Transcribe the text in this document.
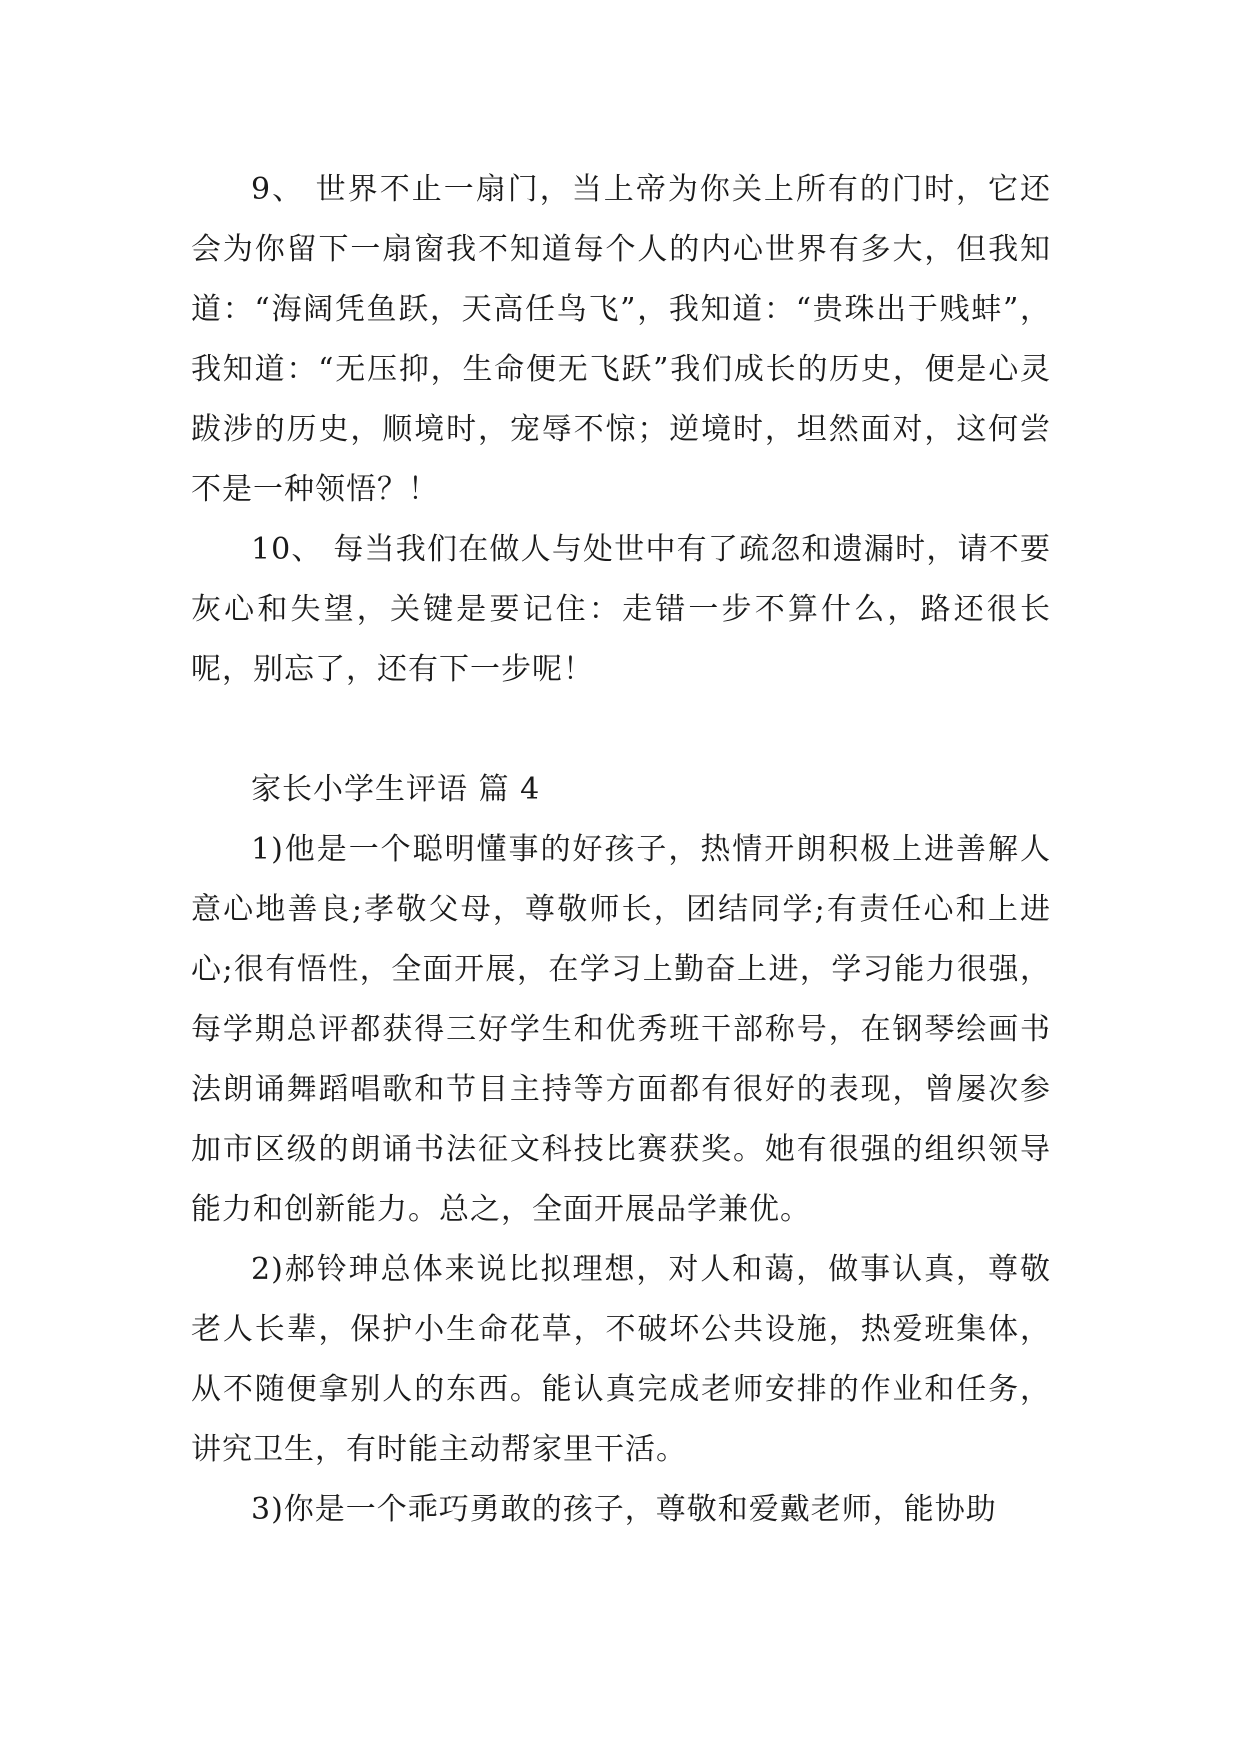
9、 世界不止一扇门，当上帝为你关上所有的门时，它还会为你留下一扇窗我不知道每个人的内心世界有多大，但我知道：“海阔凭鱼跃，天高任鸟飞”，我知道：“贵珠出于贱蚌”，我知道：“无压抑，生命便无飞跃”我们成长的历史，便是心灵跋涉的历史，顺境时，宠辱不惊；逆境时，坦然面对，这何尝不是一种领悟？！

10、 每当我们在做人与处世中有了疏忽和遗漏时，请不要灰心和失望，关键是要记住：走错一步不算什么，路还很长呢，别忘了，还有下一步呢！

家长小学生评语 篇 4

1)他是一个聪明懂事的好孩子，热情开朗积极上进善解人意心地善良;孝敬父母，尊敬师长，团结同学;有责任心和上进心;很有悟性，全面开展，在学习上勤奋上进，学习能力很强，每学期总评都获得三好学生和优秀班干部称号，在钢琴绘画书法朗诵舞蹈唱歌和节目主持等方面都有很好的表现，曾屡次参加市区级的朗诵书法征文科技比赛获奖。她有很强的组织领导能力和创新能力。总之，全面开展品学兼优。

2)郝铃珅总体来说比拟理想，对人和蔼，做事认真，尊敬老人长辈，保护小生命花草，不破坏公共设施，热爱班集体，从不随便拿别人的东西。能认真完成老师安排的作业和任务，讲究卫生，有时能主动帮家里干活。

3)你是一个乖巧勇敢的孩子，尊敬和爱戴老师，能协助
